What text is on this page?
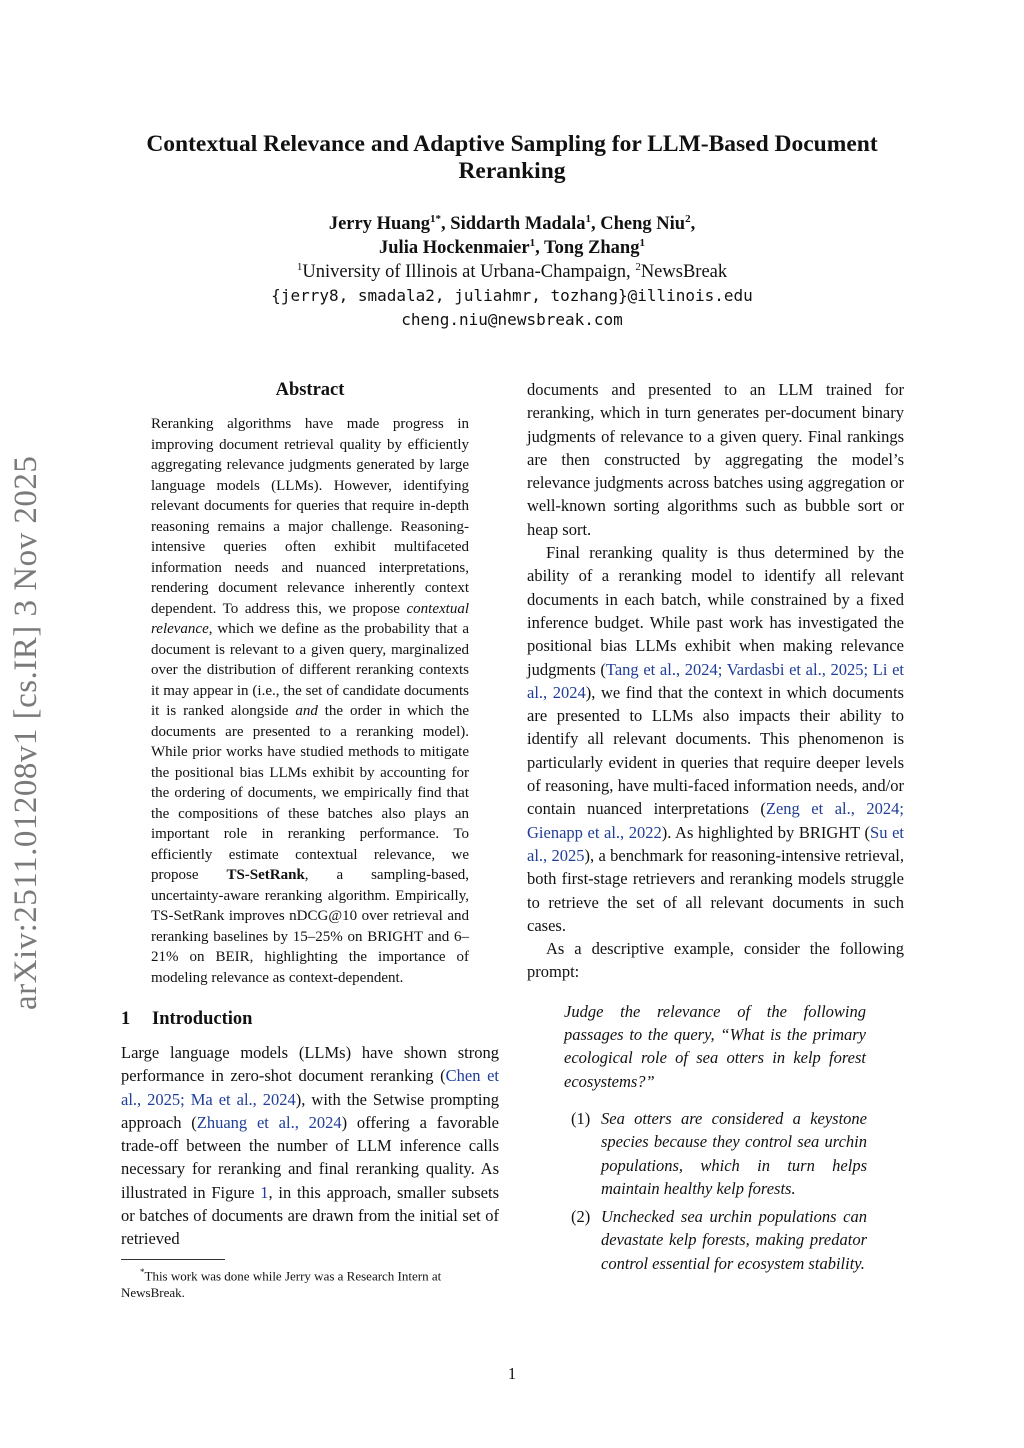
arXiv:2511.01208v1 [cs.IR] 3 Nov 2025
Contextual Relevance and Adaptive Sampling for LLM-Based Document Reranking
Jerry Huang$^{1*}$, Siddarth Madala$^1$, Cheng Niu$^2$,
Julia Hockenmaier$^1$, Tong Zhang$^1$
$^1$University of Illinois at Urbana-Champaign, $^2$NewsBreak
{jerry8, smadala2, juliahmr, tozhang}@illinois.edu
cheng.niu@newsbreak.com
Abstract

Reranking algorithms have made progress in improving document retrieval quality by efficiently aggregating relevance judgments generated by large language models (LLMs). However, identifying relevant documents for queries that require in-depth reasoning remains a major challenge. Reasoning-intensive queries often exhibit multifaceted information needs and nuanced interpretations, rendering document relevance inherently context dependent. To address this, we propose contextual relevance, which we define as the probability that a document is relevant to a given query, marginalized over the distribution of different reranking contexts it may appear in (i.e., the set of candidate documents it is ranked alongside and the order in which the documents are presented to a reranking model). While prior works have studied methods to mitigate the positional bias LLMs exhibit by accounting for the ordering of documents, we empirically find that the compositions of these batches also plays an important role in reranking performance. To efficiently estimate contextual relevance, we propose TS-SetRank, a sampling-based, uncertainty-aware reranking algorithm. Empirically, TS-SetRank improves nDCG@10 over retrieval and reranking baselines by 15–25% on BRIGHT and 6–21% on BEIR, highlighting the importance of modeling relevance as context-dependent.

1 Introduction

Large language models (LLMs) have shown strong performance in zero-shot document reranking (Chen et al., 2025; Ma et al., 2024), with the Setwise prompting approach (Zhuang et al., 2024) offering a favorable trade-off between the number of LLM inference calls necessary for reranking and final reranking quality. As illustrated in Figure 1, in this approach, smaller subsets or batches of documents are drawn from the initial set of retrieved

*This work was done while Jerry was a Research Intern at NewsBreak.

documents and presented to an LLM trained for reranking, which in turn generates per-document binary judgments of relevance to a given query. Final rankings are then constructed by aggregating the model’s relevance judgments across batches using aggregation or well-known sorting algorithms such as bubble sort or heap sort.

Final reranking quality is thus determined by the ability of a reranking model to identify all relevant documents in each batch, while constrained by a fixed inference budget. While past work has investigated the positional bias LLMs exhibit when making relevance judgments (Tang et al., 2024; Vardasbi et al., 2025; Li et al., 2024), we find that the context in which documents are presented to LLMs also impacts their ability to identify all relevant documents. This phenomenon is particularly evident in queries that require deeper levels of reasoning, have multi-faced information needs, and/or contain nuanced interpretations (Zeng et al., 2024; Gienapp et al., 2022). As highlighted by BRIGHT (Su et al., 2025), a benchmark for reasoning-intensive retrieval, both first-stage retrievers and reranking models struggle to retrieve the set of all relevant documents in such cases.

As a descriptive example, consider the following prompt:

Judge the relevance of the following passages to the query, “What is the primary ecological role of sea otters in kelp forest ecosystems?”

(1) Sea otters are considered a keystone species because they control sea urchin populations, which in turn helps maintain healthy kelp forests.
(2) Unchecked sea urchin populations can devastate kelp forests, making predator control essential for ecosystem stability.
1
